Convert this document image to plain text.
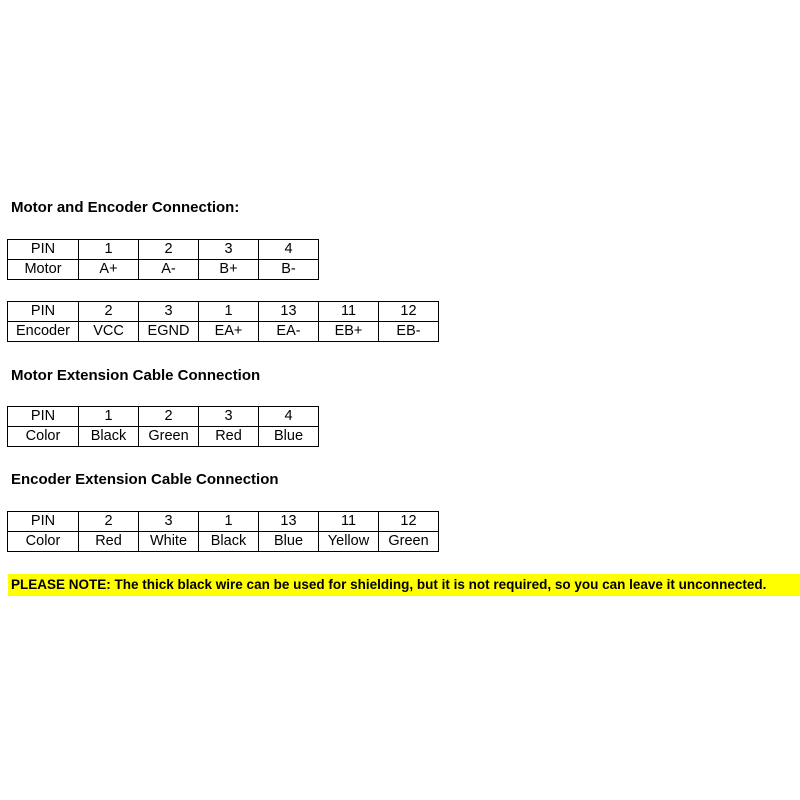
Motor and Encoder Connection:
PIN	1	2	3	4
Motor	A+	A-	B+	B-
PIN	2	3	1	13	11	12
Encoder	VCC	EGND	EA+	EA-	EB+	EB-
Motor Extension Cable Connection
PIN	1	2	3	4
Color	Black	Green	Red	Blue
Encoder Extension Cable Connection
PIN	2	3	1	13	11	12
Color	Red	White	Black	Blue	Yellow	Green
PLEASE NOTE: The thick black wire can be used for shielding, but it is not required, so you can leave it unconnected.
